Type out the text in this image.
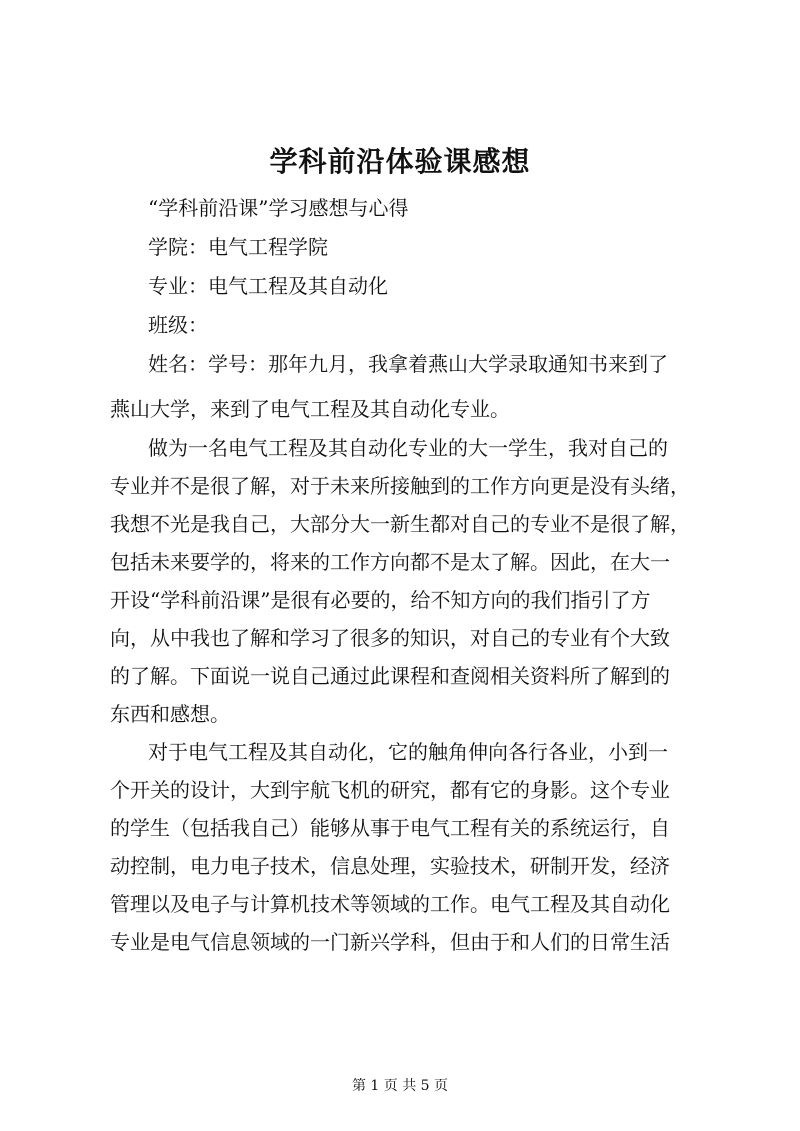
学科前沿体验课感想

“学科前沿课”学习感想与心得

学院：电气工程学院

专业：电气工程及其自动化

班级：

姓名：学号：那年九月，我拿着燕山大学录取通知书来到了

燕山大学，来到了电气工程及其自动化专业。

做为一名电气工程及其自动化专业的大一学生，我对自己的

专业并不是很了解，对于未来所接触到的工作方向更是没有头绪，

我想不光是我自己，大部分大一新生都对自己的专业不是很了解，

包括未来要学的，将来的工作方向都不是太了解。因此，在大一

开设“学科前沿课”是很有必要的，给不知方向的我们指引了方

向，从中我也了解和学习了很多的知识，对自己的专业有个大致

的了解。下面说一说自己通过此课程和查阅相关资料所了解到的

东西和感想。

对于电气工程及其自动化，它的触角伸向各行各业，小到一

个开关的设计，大到宇航飞机的研究，都有它的身影。这个专业

的学生（包括我自己）能够从事于电气工程有关的系统运行，自

动控制，电力电子技术，信息处理，实验技术，研制开发，经济

管理以及电子与计算机技术等领域的工作。电气工程及其自动化

专业是电气信息领域的一门新兴学科，但由于和人们的日常生活

第 1 页 共 5 页
